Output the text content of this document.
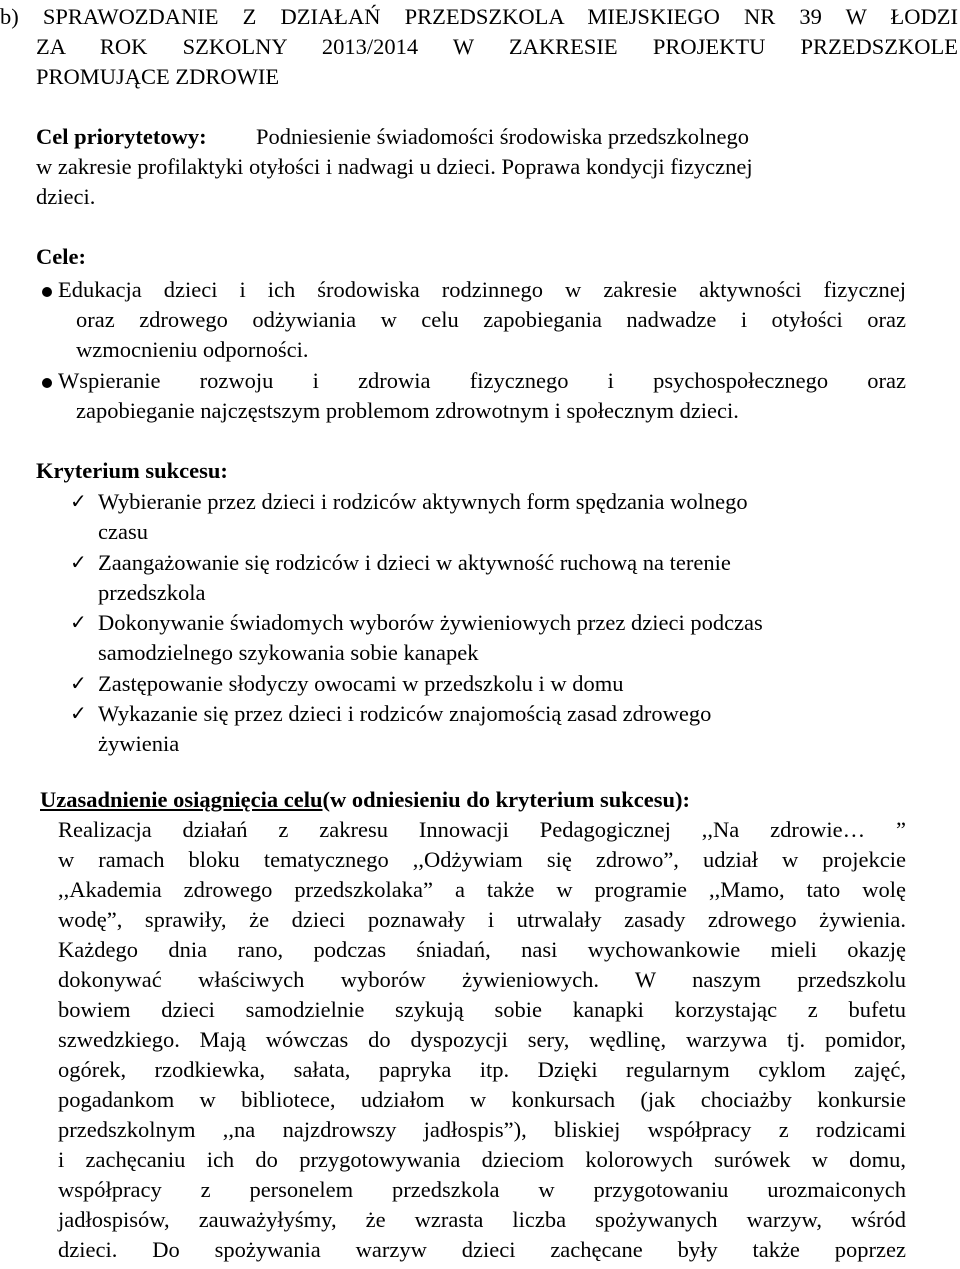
b) SPRAWOZDANIE Z DZIAŁAŃ PRZEDSZKOLA MIEJSKIEGO NR 39 W ŁODZI
ZA ROK SZKOLNY 2013/2014 W ZAKRESIE PROJEKTU PRZEDSZKOLE
PROMUJĄCE ZDROWIE
Cel priorytetowy: Podniesienie świadomości środowiska przedszkolnego
w zakresie profilaktyki otyłości i nadwagi u dzieci. Poprawa kondycji fizycznej
dzieci.
Cele:
Edukacja dzieci i ich środowiska rodzinnego w zakresie aktywności fizycznej
oraz zdrowego odżywiania w celu zapobiegania nadwadze i otyłości oraz
wzmocnieniu odporności.
Wspieranie rozwoju i zdrowia fizycznego i psychospołecznego oraz
zapobieganie najczęstszym problemom zdrowotnym i społecznym dzieci.
Kryterium sukcesu:
✓ Wybieranie przez dzieci i rodziców aktywnych form spędzania wolnego
czasu
✓ Zaangażowanie się rodziców i dzieci w aktywność ruchową na terenie
przedszkola
✓ Dokonywanie świadomych wyborów żywieniowych przez dzieci podczas
samodzielnego szykowania sobie kanapek
✓ Zastępowanie słodyczy owocami w przedszkolu i w domu
✓ Wykazanie się przez dzieci i rodziców znajomością zasad zdrowego
żywienia
Uzasadnienie osiągnięcia celu(w odniesieniu do kryterium sukcesu):
Realizacja działań z zakresu Innowacji Pedagogicznej ,,Na zdrowie… ”
w ramach bloku tematycznego ,,Odżywiam się zdrowo”, udział w projekcie
,,Akademia zdrowego przedszkolaka” a także w programie ,,Mamo, tato wolę
wodę”, sprawiły, że dzieci poznawały i utrwalały zasady zdrowego żywienia.
Każdego dnia rano, podczas śniadań, nasi wychowankowie mieli okazję
dokonywać właściwych wyborów żywieniowych. W naszym przedszkolu
bowiem dzieci samodzielnie szykują sobie kanapki korzystając z bufetu
szwedzkiego. Mają wówczas do dyspozycji sery, wędlinę, warzywa tj. pomidor,
ogórek, rzodkiewka, sałata, papryka itp. Dzięki regularnym cyklom zajęć,
pogadankom w bibliotece, udziałom w konkursach (jak chociażby konkursie
przedszkolnym ,,na najzdrowszy jadłospis”), bliskiej współpracy z rodzicami
i zachęcaniu ich do przygotowywania dzieciom kolorowych surówek w domu,
współpracy z personelem przedszkola w przygotowaniu urozmaiconych
jadłospisów, zauważyłyśmy, że wzrasta liczba spożywanych warzyw, wśród
dzieci. Do spożywania warzyw dzieci zachęcane były także poprzez
